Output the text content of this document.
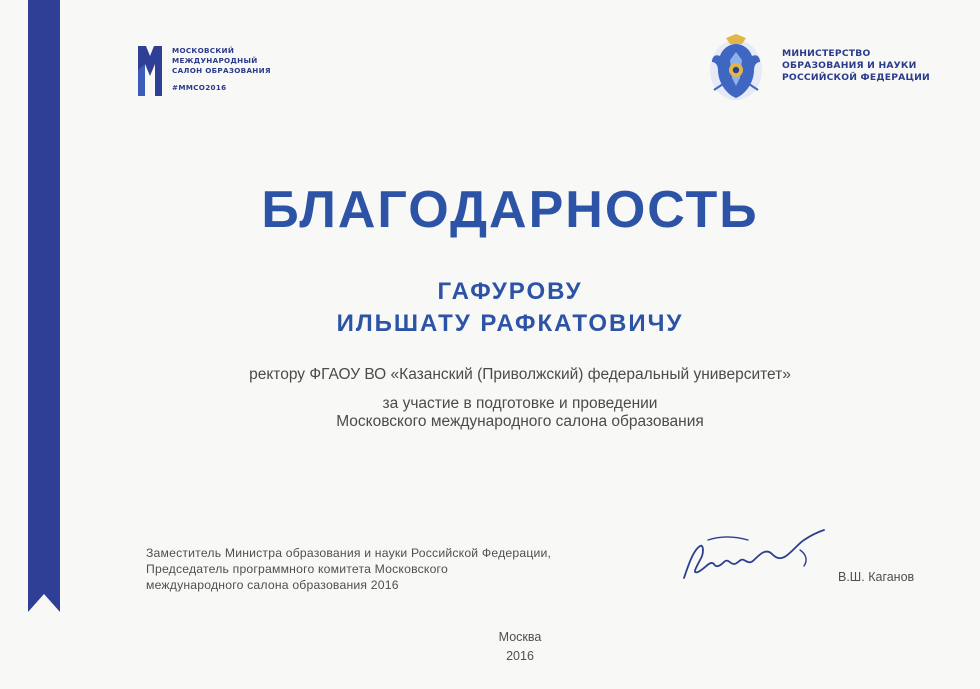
МОСКОВСКИЙ
МЕЖДУНАРОДНЫЙ
САЛОН ОБРАЗОВАНИЯ
#ММСО2016
МИНИСТЕРСТВО
ОБРАЗОВАНИЯ И НАУКИ
РОССИЙСКОЙ ФЕДЕРАЦИИ
БЛАГОДАРНОСТЬ
ГАФУРОВУ
ИЛЬШАТУ РАФКАТОВИЧУ
ректору ФГАОУ ВО «Казанский (Приволжский) федеральный университет»
за участие в подготовке и проведении
Московского международного салона образования
Заместитель Министра образования и науки Российской Федерации,
Председатель программного комитета Московского
международного салона образования 2016
В.Ш. Каганов
Москва
2016
